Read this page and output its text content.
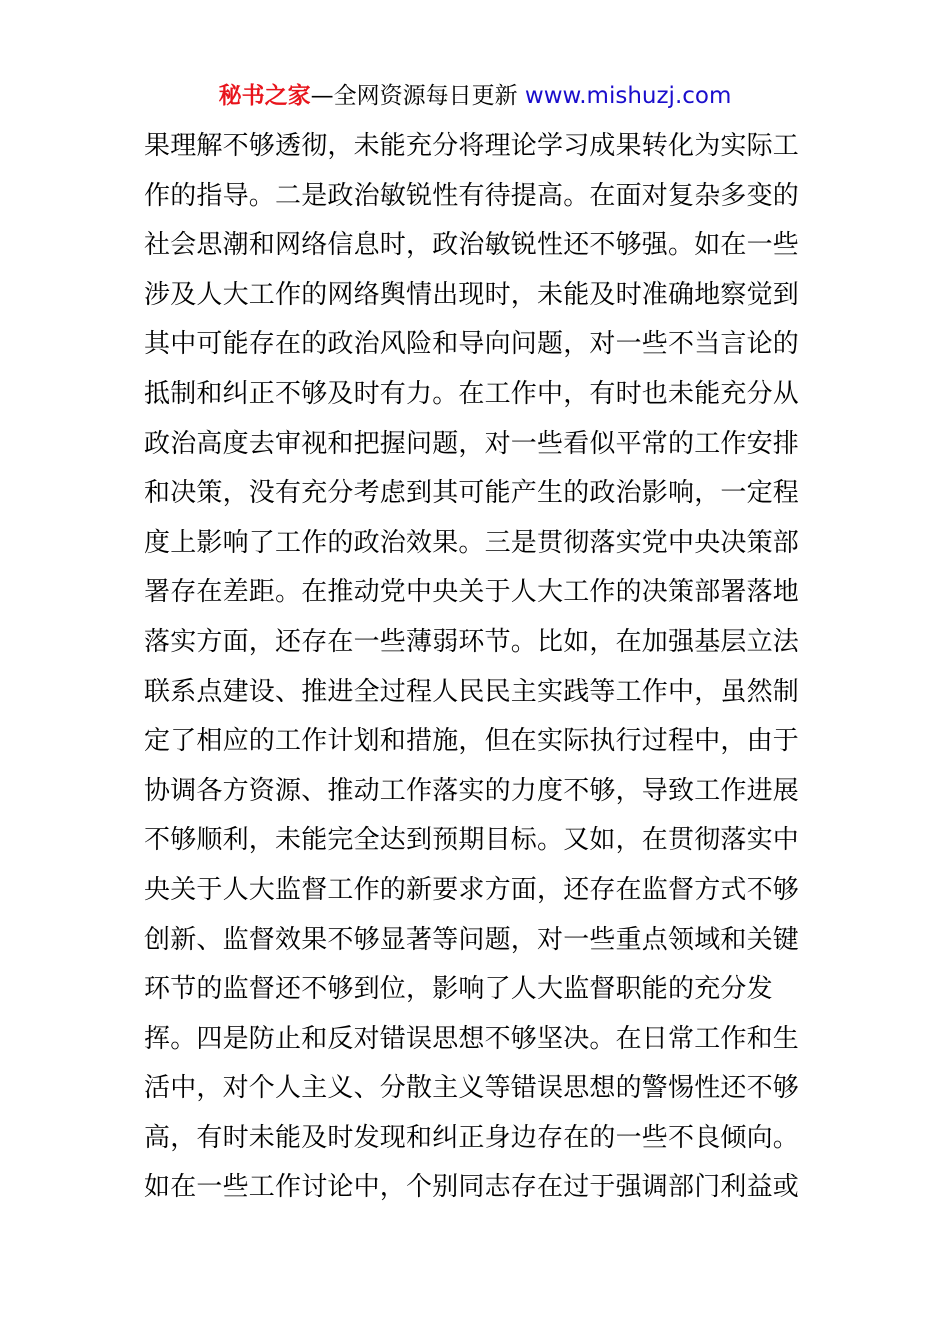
秘书之家—全网资源每日更新 www.mishuzj.com
果理解不够透彻，未能充分将理论学习成果转化为实际工
作的指导。二是政治敏锐性有待提高。在面对复杂多变的
社会思潮和网络信息时，政治敏锐性还不够强。如在一些
涉及人大工作的网络舆情出现时，未能及时准确地察觉到
其中可能存在的政治风险和导向问题，对一些不当言论的
抵制和纠正不够及时有力。在工作中，有时也未能充分从
政治高度去审视和把握问题，对一些看似平常的工作安排
和决策，没有充分考虑到其可能产生的政治影响，一定程
度上影响了工作的政治效果。三是贯彻落实党中央决策部
署存在差距。在推动党中央关于人大工作的决策部署落地
落实方面，还存在一些薄弱环节。比如，在加强基层立法
联系点建设、推进全过程人民民主实践等工作中，虽然制
定了相应的工作计划和措施，但在实际执行过程中，由于
协调各方资源、推动工作落实的力度不够，导致工作进展
不够顺利，未能完全达到预期目标。又如，在贯彻落实中
央关于人大监督工作的新要求方面，还存在监督方式不够
创新、监督效果不够显著等问题，对一些重点领域和关键
环节的监督还不够到位，影响了人大监督职能的充分发
挥。四是防止和反对错误思想不够坚决。在日常工作和生
活中，对个人主义、分散主义等错误思想的警惕性还不够
高，有时未能及时发现和纠正身边存在的一些不良倾向。
如在一些工作讨论中，个别同志存在过于强调部门利益或
